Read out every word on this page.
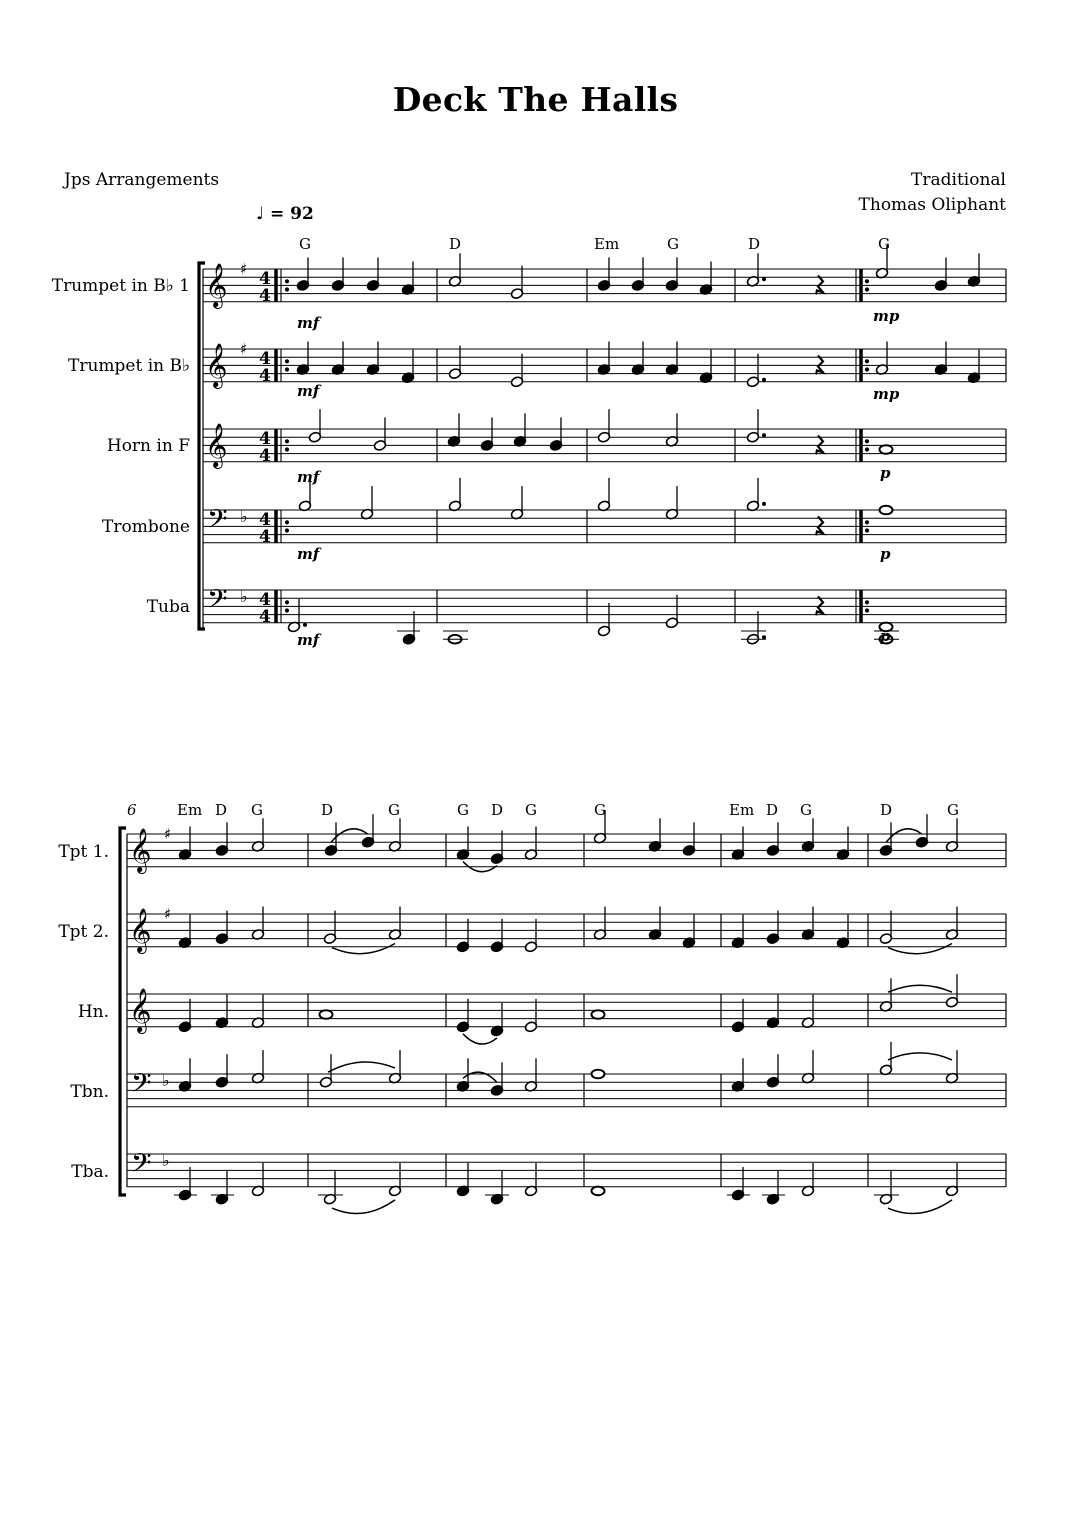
Deck The Halls
Jps Arrangements	Traditional
Thomas Oliphant
♩ = 92
Trumpet in B♭ 1
Trumpet in B♭
Horn in F
Trombone
Tuba
G	D	Em	G	D	G
Tpt 1.
Tpt 2.
Hn.
Tbn.
Tba.
6	Em D G	D	G	G D G	G	Em D G	D	G
𝄞 ♯ 4
4
𝄞 ♯ 4
4
𝄞 4
4
𝄢 ♭ 4
4
𝄢 ♭ 4
4
mf	mp
mf	mp
mf	p
mf	p
mf	p
𝄞 ♯
𝄞 ♯
𝄞
𝄢 ♭
𝄢 ♭
